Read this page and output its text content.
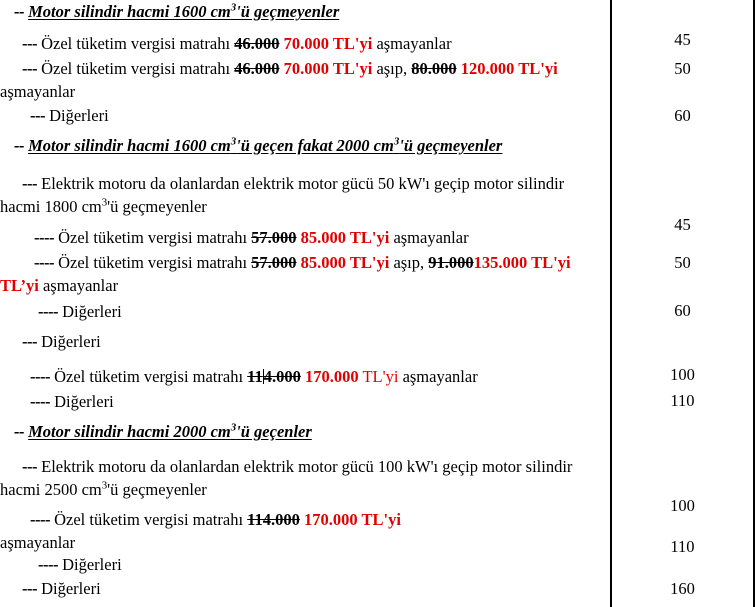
-- Motor silindir hacmi 1600 $cm^3'ü$ geçmeyenler
--- Özel tüketim vergisi matrahı 46.000 70.000 TL'yi aşmayanlar
--- Özel tüketim vergisi matrahı 46.000 70.000 TL'yi aşıp, 80.000 120.000 TL'yi
aşmayanlar
--- Diğerleri
-- Motor silindir hacmi 1600 $cm^3'ü$ geçen fakat 2000 $cm^3'ü$ geçmeyenler
--- Elektrik motoru da olanlardan elektrik motor gücü 50 kW'ı geçip motor silindir hacmi 1800 $cm^3'ü$ geçmeyenler
---- Özel tüketim vergisi matrahı 57.000 85.000 TL'yi aşmayanlar
---- Özel tüketim vergisi matrahı 57.000 85.000 TL'yi aşıp, 91.000135.000 TL'yi
TL’yi aşmayanlar
---- Diğerleri
--- Diğerleri
---- Özel tüketim vergisi matrahı 114.000 170.000 TL'yi aşmayanlar
---- Diğerleri
-- Motor silindir hacmi 2000 $cm^3'ü$ geçenler
--- Elektrik motoru da olanlardan elektrik motor gücü 100 kW'ı geçip motor silindir hacmi 2500 $cm^3'ü$ geçmeyenler
---- Özel tüketim vergisi matrahı 114.000 170.000 TL'yi
aşmayanlar
---- Diğerleri
--- Diğerleri
45
50
60
45
50
60
100
110
100
110
160
